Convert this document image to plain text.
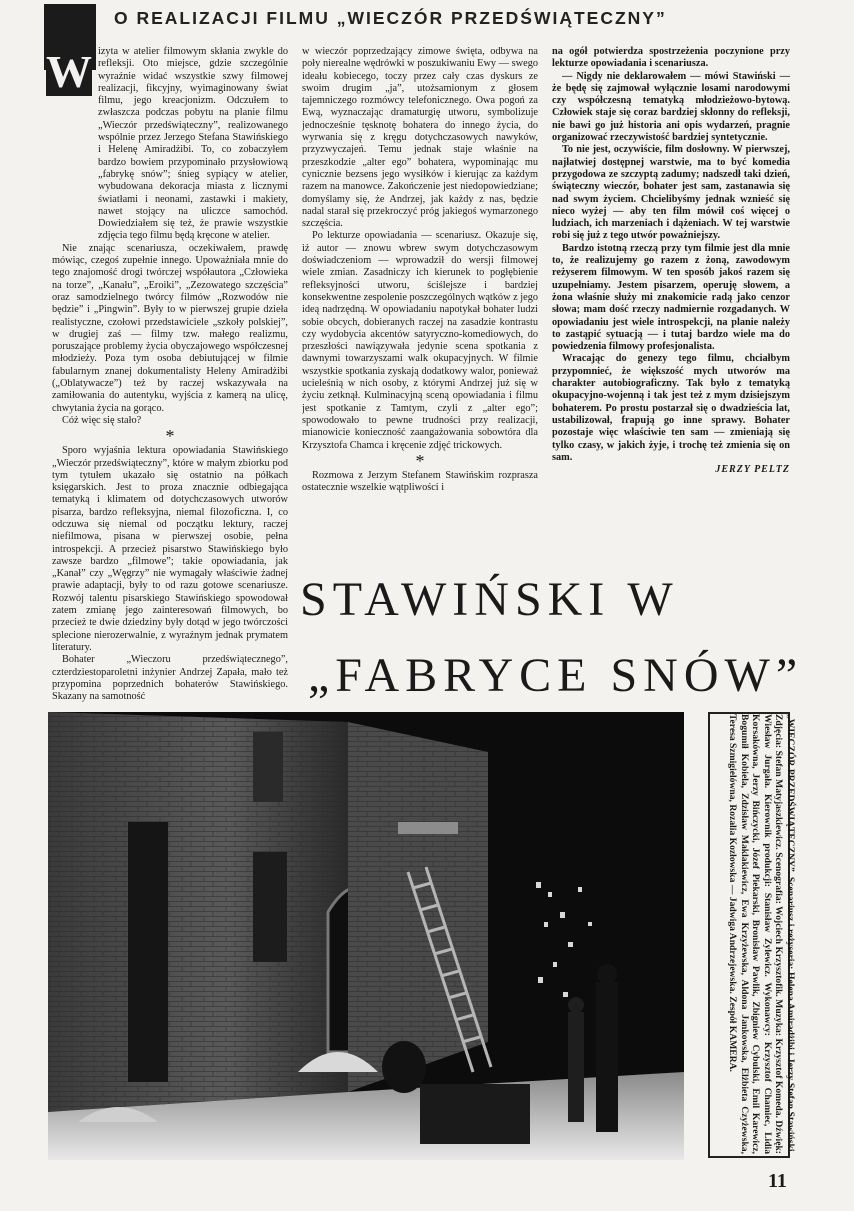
O REALIZACJI FILMU „WIECZÓR PRZEDŚWIĄTECZNY”
W izyta w atelier filmowym skłania zwykle do refleksji. Oto miejsce, gdzie szczególnie wyraźnie widać wszystkie szwy filmowej realizacji, fikcyjny, wyimaginowany świat filmu, jego kreacjonizm. Odczułem to zwłaszcza podczas pobytu na planie filmu „Wieczór przedświąteczny”, realizowanego wspólnie przez Jerzego Stefana Stawińskiego i Helenę Amiradżibi. To, co zobaczyłem bardzo bowiem przypominało przysłowiową „fabrykę snów”; śnieg sypiący w atelier, wybudowana dekoracja miasta z licznymi światłami i neonami, zastawki i makiety, nawet stojący na uliczce samochód. Dowiedziałem się też, że prawie wszystkie zdjęcia tego filmu będą kręcone w atelier.

Nie znając scenariusza, oczekiwałem, prawdę mówiąc, czegoś zupełnie innego. Upoważniała mnie do tego znajomość drogi twórczej współautora „Człowieka na torze”, „Kanału”, „Eroiki”, „Zezowatego szczęścia” oraz samodzielnego twórcy filmów „Rozwodów nie będzie” i „Pingwin”. Były to w pierwszej grupie dzieła realistyczne, czołowi przedstawiciele „szkoły polskiej”, w drugiej zaś — filmy tzw. małego realizmu, poruszające problemy życia obyczajowego współczesnej młodzieży. Poza tym osoba debiutującej w filmie fabularnym znanej dokumentalisty Heleny Amiradżibi („Oblatywacze”) też by raczej wskazywała na zamiłowania do autentyku, wyjścia z kamerą na ulicę, chwytania życia na gorąco.

Cóż więc się stało?

*

Sporo wyjaśnia lektura opowiadania Stawińskiego „Wieczór przedświąteczny”, które w małym zbiorku pod tym tytułem ukazało się ostatnio na półkach księgarskich. Jest to proza znacznie odbiegająca tematyką i klimatem od dotychczasowych utworów pisarza, bardzo refleksyjna, niemal filozoficzna. I, co odczuwa się niemal od początku lektury, raczej niefilmowa, pisana w pierwszej osobie, pełna introspekcji. A przecież pisarstwo Stawińskiego było zawsze bardzo „filmowe”; takie opowiadania, jak „Kanał” czy „Węgrzy” nie wymagały właściwie żadnej prawie adaptacji, były to od razu gotowe scenariusze. Rozwój talentu pisarskiego Stawińskiego spowodował zatem zmianę jego zainteresowań filmowych, bo przecież te dwie dziedziny były dotąd w jego twórczości splecione nierozerwalnie, z wyraźnym jednak prymatem literatury.

Bohater „Wieczoru przedświątecznego”, czterdziestoparoletni inżynier Andrzej Zapała, mało też przypomina poprzednich bohaterów Stawińskiego. Skazany na samotność

w wieczór poprzedzający zimowe święta, odbywa na poły nierealne wędrówki w poszukiwaniu Ewy — swego ideału kobiecego, toczy przez cały czas dyskurs ze swoim drugim „ja”, utożsamionym z głosem tajemniczego rozmówcy telefonicznego. Owa pogoń za Ewą, wyznaczając dramaturgię utworu, symbolizuje jednocześnie tęsknotę bohatera do innego życia, do wyrwania się z kręgu dotychczasowych nawyków, przyzwyczajeń. Temu jednak staje właśnie na przeszkodzie „alter ego” bohatera, wypominając mu cynicznie bezsens jego wysiłków i kierując za każdym razem na manowce. Zakończenie jest niedopowiedziane; domyślamy się, że Andrzej, jak każdy z nas, będzie nadal starał się przekroczyć próg jakiegoś wymarzonego szczęścia.

Po lekturze opowiadania — scenariusz. Okazuje się, iż autor — znowu wbrew swym dotychczasowym doświadczeniom — wprowadził do wersji filmowej wiele zmian. Zasadniczy ich kierunek to pogłębienie refleksyjności utworu, ściślejsze i bardziej konsekwentne zespolenie poszczególnych wątków z jego ideą nadrzędną. W opowiadaniu napotykał bohater ludzi sobie obcych, dobieranych raczej na zasadzie kontrastu czy wydobycia akcentów satyryczno-komediowych, do przeszłości nawiązywała jedynie scena spotkania z dawnymi towarzyszami walk okupacyjnych. W filmie wszystkie spotkania zyskają dodatkowy walor, ponieważ ucieleśnią w nich osoby, z którymi Andrzej już się w życiu zetknął. Kulminacyjną sceną opowiadania i filmu jest spotkanie z Tamtym, czyli z „alter ego”; spowodowało to pewne trudności przy realizacji, mianowicie konieczność zaangażowania sobowtóra dla Krzysztofa Chamca i kręcenie zdjęć trickowych.

*

Rozmowa z Jerzym Stefanem Stawińskim rozprasza ostatecznie wszelkie wątpliwości i

na ogół potwierdza spostrzeżenia poczynione przy lekturze opowiadania i scenariusza.

— Nigdy nie deklarowałem — mówi Stawiński — że będę się zajmował wyłącznie losami narodowymi czy współczesną tematyką młodzieżowo-bytową. Człowiek staje się coraz bardziej skłonny do refleksji, nie bawi go już historia ani opis wydarzeń, pragnie organizować rzeczywistość bardziej syntetycznie.

To nie jest, oczywiście, film dosłowny. W pierwszej, najłatwiej dostępnej warstwie, ma to być komedia przygodowa ze szczyptą zadumy; nadszedł taki dzień, świąteczny wieczór, bohater jest sam, zastanawia się nad swym życiem. Chcielibyśmy jednak wznieść się nieco wyżej — aby ten film mówił coś więcej o ludziach, ich marzeniach i dążeniach. W tej warstwie robi się już z tego utwór poważniejszy.

Bardzo istotną rzeczą przy tym filmie jest dla mnie to, że realizujemy go razem z żoną, zawodowym reżyserem filmowym. W ten sposób jakoś razem się uzupełniamy. Jestem pisarzem, operuję słowem, a żona właśnie służy mi znakomicie radą jako cenzor słowa; mam dość rzeczy nadmiernie rozgadanych. W opowiadaniu jest wiele introspekcji, na planie należy to zastąpić sytuacją — i tutaj bardzo wiele ma do powiedzenia filmowy profesjonalista.

Wracając do genezy tego filmu, chciałbym przypomnieć, że większość mych utworów ma charakter autobiograficzny. Tak było z tematyką okupacyjno-wojenną i tak jest też z mym dzisiejszym bohaterem. Po prostu postarzał się o dwadzieścia lat, ustabilizował, frapują go inne sprawy. Bohater pozostaje więc właściwie ten sam — zmieniają się tylko czasy, w jakich żyje, i trochę też zmienia się on sam.

JERZY PELTZ

STAWIŃSKI W
„FABRYCE SNÓW”
„WIECZÓR PRZEDŚWIĄTECZNY”. Scenariusz i reżyseria: Helena Amiradżibi i Jerzy Stefan Stawiński. Zdjęcia: Stefan Matyjaszkiewicz. Scenografia: Wojciech Krzysztofik. Muzyka: Krzysztof Komeda. Dźwięk: Wiesław Jurgała. Kierownik produkcji: Stanisław Zylewicz. Wykonawcy: Krzysztof Chamiec, Lidia Korsakówna, Jerzy Bińczycki, Józef Piekarski, Bronisław Pawlik, Zbigniew Cybulski, Emil Karewicz, Bogumił Kobiela, Zdzisław Maklakiewicz, Ewa Krzyżewska, Aldona Jankowska, Elżbieta Czyżewska, Teresa Szmigielówna, Rozalia Kozłowska — Jadwiga Andrzejewska. Zespół KAMERA.
11
